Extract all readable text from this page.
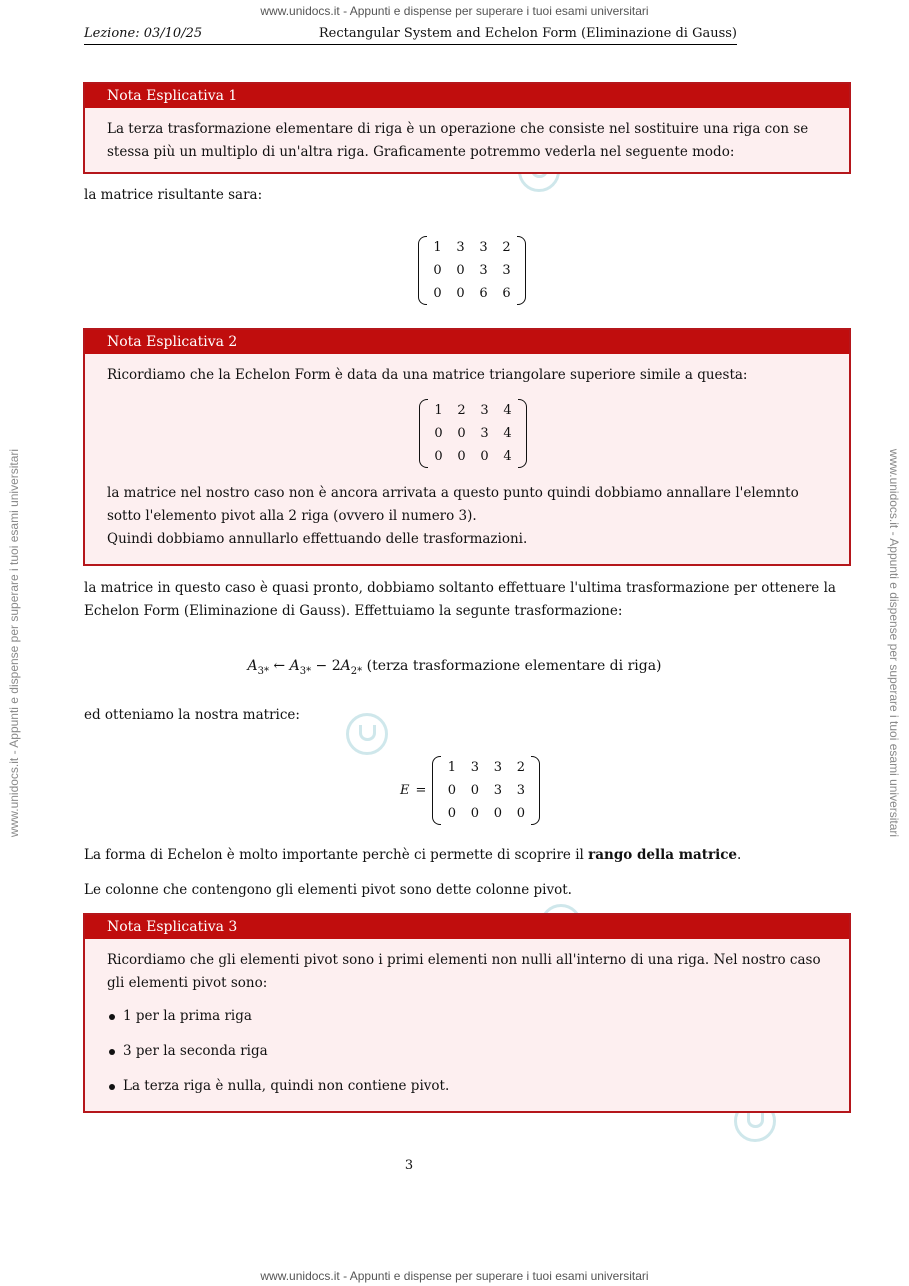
www.unidocs.it - Appunti e dispense per superare i tuoi esami universitari
www.unidocs.it - Appunti e dispense per superare i tuoi esami universitari
www.unidocs.it - Appunti e dispense per superare i tuoi esami universitari	www.unidocs.it - Appunti e dispense per superare i tuoi esami universitari
Lezione: 03/10/25	Rectangular System and Echelon Form (Eliminazione di Gauss)
Nota Esplicativa 1
La terza trasformazione elementare di riga è un operazione che consiste nel sostituire una riga con se stessa più un multiplo di un'altra riga. Graficamente potremmo vederla nel seguente modo:
la matrice risultante sara:
1	3	3	2
0	0	3	3
0	0	6	6
Nota Esplicativa 2
Ricordiamo che la Echelon Form è data da una matrice triangolare superiore simile a questa:
1	2	3	4
0	0	3	4
0	0	0	4
la matrice nel nostro caso non è ancora arrivata a questo punto quindi dobbiamo annallare l'elemnto sotto l'elemento pivot alla 2 riga (ovvero il numero 3).
Quindi dobbiamo annullarlo effettuando delle trasformazioni.
la matrice in questo caso è quasi pronto, dobbiamo soltanto effettuare l'ultima trasformazione per ottenere la Echelon Form (Eliminazione di Gauss). Effettuiamo la segunte trasformazione:
$A_{3*}$ ← $A_{3*} - 2A_{2*}$ (terza trasformazione elementare di riga)
ed otteniamo la nostra matrice:
E =
1	3	3	2
0	0	3	3
0	0	0	0
La forma di Echelon è molto importante perchè ci permette di scoprire il rango della matrice.
Le colonne che contengono gli elementi pivot sono dette colonne pivot.
Nota Esplicativa 3
Ricordiamo che gli elementi pivot sono i primi elementi non nulli all'interno di una riga. Nel nostro caso gli elementi pivot sono:
1 per la prima riga
3 per la seconda riga
La terza riga è nulla, quindi non contiene pivot.
3
